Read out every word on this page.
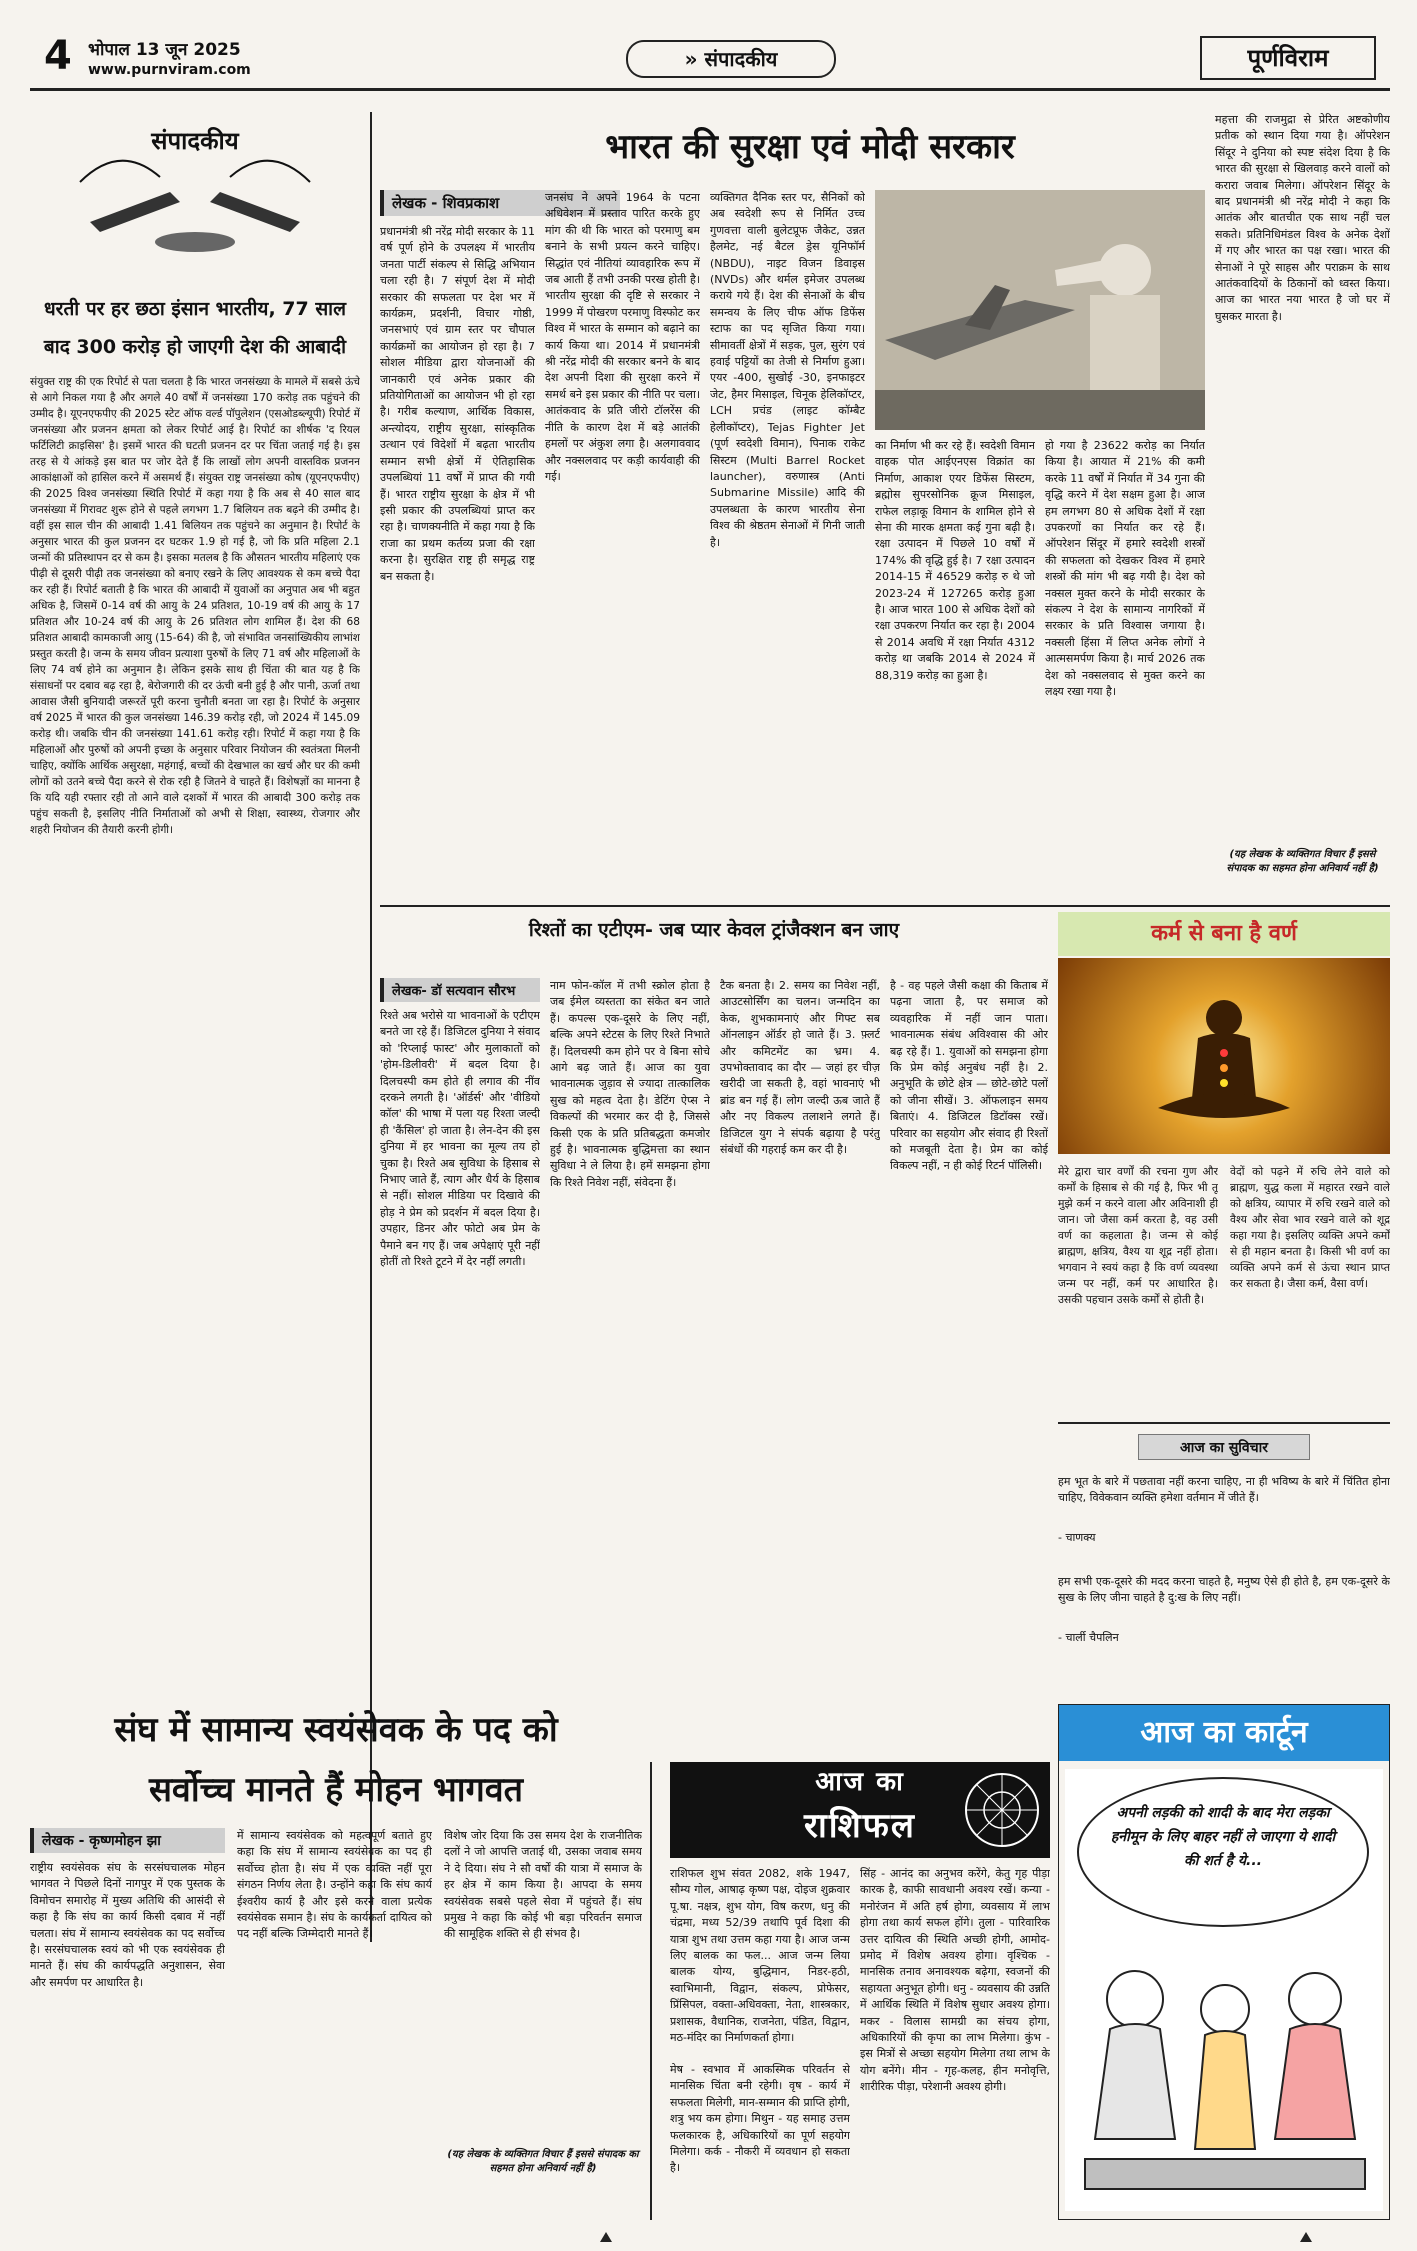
4 भोपाल 13 जून 2025
www.purnviram.com	» संपादकीय	पूर्णविराम
संपादकीय
धरती पर हर छठा इंसान भारतीय, 77 साल
बाद 300 करोड़ हो जाएगी देश की आबादी
संयुक्त राष्ट्र की एक रिपोर्ट से पता चलता है कि भारत जनसंख्या के मामले में सबसे ऊंचे से आगे निकल गया है और अगले 40 वर्षों में जनसंख्या 170 करोड़ तक पहुंचने की उम्मीद है। यूएनएफपीए की 2025 स्टेट ऑफ वर्ल्ड पॉपुलेशन (एसओडब्ल्यूपी) रिपोर्ट में जनसंख्या और प्रजनन क्षमता को लेकर रिपोर्ट आई है। रिपोर्ट का शीर्षक 'द रियल फर्टिलिटी क्राइसिस' है। इसमें भारत की घटती प्रजनन दर पर चिंता जताई गई है। इस तरह से ये आंकड़े इस बात पर जोर देते हैं कि लाखों लोग अपनी वास्तविक प्रजनन आकांक्षाओं को हासिल करने में असमर्थ हैं। संयुक्त राष्ट्र जनसंख्या कोष (यूएनएफपीए) की 2025 विश्व जनसंख्या स्थिति रिपोर्ट में कहा गया है कि अब से 40 साल बाद जनसंख्या में गिरावट शुरू होने से पहले लगभग 1.7 बिलियन तक बढ़ने की उम्मीद है। वहीं इस साल चीन की आबादी 1.41 बिलियन तक पहुंचने का अनुमान है। रिपोर्ट के अनुसार भारत की कुल प्रजनन दर घटकर 1.9 हो गई है, जो कि प्रति महिला 2.1 जन्मों की प्रतिस्थापन दर से कम है। इसका मतलब है कि औसतन भारतीय महिलाएं एक पीढ़ी से दूसरी पीढ़ी तक जनसंख्या को बनाए रखने के लिए आवश्यक से कम बच्चे पैदा कर रही हैं। रिपोर्ट बताती है कि भारत की आबादी में युवाओं का अनुपात अब भी बहुत अधिक है, जिसमें 0-14 वर्ष की आयु के 24 प्रतिशत, 10-19 वर्ष की आयु के 17 प्रतिशत और 10-24 वर्ष की आयु के 26 प्रतिशत लोग शामिल हैं। देश की 68 प्रतिशत आबादी कामकाजी आयु (15-64) की है, जो संभावित जनसांख्यिकीय लाभांश प्रस्तुत करती है। जन्म के समय जीवन प्रत्याशा पुरुषों के लिए 71 वर्ष और महिलाओं के लिए 74 वर्ष होने का अनुमान है। लेकिन इसके साथ ही चिंता की बात यह है कि संसाधनों पर दबाव बढ़ रहा है, बेरोजगारी की दर ऊंची बनी हुई है और पानी, ऊर्जा तथा आवास जैसी बुनियादी जरूरतें पूरी करना चुनौती बनता जा रहा है। रिपोर्ट के अनुसार वर्ष 2025 में भारत की कुल जनसंख्या 146.39 करोड़ रही, जो 2024 में 145.09 करोड़ थी। जबकि चीन की जनसंख्या 141.61 करोड़ रही। रिपोर्ट में कहा गया है कि महिलाओं और पुरुषों को अपनी इच्छा के अनुसार परिवार नियोजन की स्वतंत्रता मिलनी चाहिए, क्योंकि आर्थिक असुरक्षा, महंगाई, बच्चों की देखभाल का खर्च और घर की कमी लोगों को उतने बच्चे पैदा करने से रोक रही है जितने वे चाहते हैं। विशेषज्ञों का मानना है कि यदि यही रफ्तार रही तो आने वाले दशकों में भारत की आबादी 300 करोड़ तक पहुंच सकती है, इसलिए नीति निर्माताओं को अभी से शिक्षा, स्वास्थ्य, रोजगार और शहरी नियोजन की तैयारी करनी होगी।
भारत की सुरक्षा एवं मोदी सरकार
लेखक - शिवप्रकाश
प्रधानमंत्री श्री नरेंद्र मोदी सरकार के 11 वर्ष पूर्ण होने के उपलक्ष्य में भारतीय जनता पार्टी संकल्प से सिद्धि अभियान चला रही है। 7 संपूर्ण देश में मोदी सरकार की सफलता पर देश भर में कार्यक्रम, प्रदर्शनी, विचार गोष्ठी, जनसभाएं एवं ग्राम स्तर पर चौपाल कार्यक्रमों का आयोजन हो रहा है। 7 सोशल मीडिया द्वारा योजनाओं की जानकारी एवं अनेक प्रकार की प्रतियोगिताओं का आयोजन भी हो रहा है। गरीब कल्याण, आर्थिक विकास, अन्त्योदय, राष्ट्रीय सुरक्षा, सांस्कृतिक उत्थान एवं विदेशों में बढ़ता भारतीय सम्मान सभी क्षेत्रों में ऐतिहासिक उपलब्धियां 11 वर्षों में प्राप्त की गयी हैं। भारत राष्ट्रीय सुरक्षा के क्षेत्र में भी इसी प्रकार की उपलब्धियां प्राप्त कर रहा है। चाणक्यनीति में कहा गया है कि राजा का प्रथम कर्तव्य प्रजा की रक्षा करना है। सुरक्षित राष्ट्र ही समृद्ध राष्ट्र बन सकता है।
जनसंघ ने अपने 1964 के पटना अधिवेशन में प्रस्ताव पारित करके हुए मांग की थी कि भारत को परमाणु बम बनाने के सभी प्रयत्न करने चाहिए। सिद्धांत एवं नीतियां व्यावहारिक रूप में जब आती हैं तभी उनकी परख होती है। भारतीय सुरक्षा की दृष्टि से सरकार ने 1999 में पोखरण परमाणु विस्फोट कर विश्व में भारत के सम्मान को बढ़ाने का कार्य किया था। 2014 में प्रधानमंत्री श्री नरेंद्र मोदी की सरकार बनने के बाद देश अपनी दिशा की सुरक्षा करने में समर्थ बने इस प्रकार की नीति पर चला। आतंकवाद के प्रति जीरो टॉलरेंस की नीति के कारण देश में बड़े आतंकी हमलों पर अंकुश लगा है। अलगाववाद और नक्सलवाद पर कड़ी कार्यवाही की गई।
व्यक्तिगत दैनिक स्तर पर, सैनिकों को अब स्वदेशी रूप से निर्मित उच्च गुणवत्ता वाली बुलेटप्रूफ जैकेट, उन्नत हैलमेट, नई बैटल ड्रेस यूनिफॉर्म (NBDU), नाइट विजन डिवाइस (NVDs) और थर्मल इमेजर उपलब्ध कराये गये हैं। देश की सेनाओं के बीच समन्वय के लिए चीफ ऑफ डिफेंस स्टाफ का पद सृजित किया गया। सीमावर्ती क्षेत्रों में सड़क, पुल, सुरंग एवं हवाई पट्टियों का तेजी से निर्माण हुआ। एयर -400, सुखोई -30, इनफाइटर जेट, हैमर मिसाइल, चिनूक हेलिकॉप्टर, LCH प्रचंड (लाइट कॉम्बैट हेलीकॉप्टर), Tejas Fighter Jet (पूर्ण स्वदेशी विमान), पिनाक राकेट सिस्टम (Multi Barrel Rocket launcher), वरुणास्त्र (Anti Submarine Missile) आदि की उपलब्धता के कारण भारतीय सेना विश्व की श्रेष्ठतम सेनाओं में गिनी जाती है।
का निर्माण भी कर रहे हैं। स्वदेशी विमान वाहक पोत आईएनएस विक्रांत का निर्माण, आकाश एयर डिफेंस सिस्टम, ब्रह्मोस सुपरसोनिक क्रूज मिसाइल, राफेल लड़ाकू विमान के शामिल होने से सेना की मारक क्षमता कई गुना बढ़ी है। रक्षा उत्पादन में पिछले 10 वर्षों में 174% की वृद्धि हुई है। 7 रक्षा उत्पादन 2014-15 में 46529 करोड़ रु थे जो 2023-24 में 127265 करोड़ हुआ है। आज भारत 100 से अधिक देशों को रक्षा उपकरण निर्यात कर रहा है। 2004 से 2014 अवधि में रक्षा निर्यात 4312 करोड़ था जबकि 2014 से 2024 में 88,319 करोड़ का हुआ है।
हो गया है 23622 करोड़ का निर्यात किया है। आयात में 21% की कमी करके 11 वर्षों में निर्यात में 34 गुना की वृद्धि करने में देश सक्षम हुआ है। आज हम लगभग 80 से अधिक देशों में रक्षा उपकरणों का निर्यात कर रहे हैं। ऑपरेशन सिंदूर में हमारे स्वदेशी शस्त्रों की सफलता को देखकर विश्व में हमारे शस्त्रों की मांग भी बढ़ गयी है। देश को नक्सल मुक्त करने के मोदी सरकार के संकल्प ने देश के सामान्य नागरिकों में सरकार के प्रति विश्वास जगाया है। नक्सली हिंसा में लिप्त अनेक लोगों ने आत्मसमर्पण किया है। मार्च 2026 तक देश को नक्सलवाद से मुक्त करने का लक्ष्य रखा गया है।
महत्ता की राजमुद्रा से प्रेरित अष्टकोणीय प्रतीक को स्थान दिया गया है। ऑपरेशन सिंदूर ने दुनिया को स्पष्ट संदेश दिया है कि भारत की सुरक्षा से खिलवाड़ करने वालों को करारा जवाब मिलेगा। ऑपरेशन सिंदूर के बाद प्रधानमंत्री श्री नरेंद्र मोदी ने कहा कि आतंक और बातचीत एक साथ नहीं चल सकते। प्रतिनिधिमंडल विश्व के अनेक देशों में गए और भारत का पक्ष रखा। भारत की सेनाओं ने पूरे साहस और पराक्रम के साथ आतंकवादियों के ठिकानों को ध्वस्त किया। आज का भारत नया भारत है जो घर में घुसकर मारता है।
(यह लेखक के व्यक्तिगत विचार हैं इससे संपादक का सहमत होना अनिवार्य नहीं है)
रिश्तों का एटीएम- जब प्यार केवल ट्रांजैक्शन बन जाए
लेखक- डॉ सत्यवान सौरभ
रिश्ते अब भरोसे या भावनाओं के एटीएम बनते जा रहे हैं। डिजिटल दुनिया ने संवाद को 'रिप्लाई फास्ट' और मुलाकातों को 'होम-डिलीवरी' में बदल दिया है। दिलचस्पी कम होते ही लगाव की नींव दरकने लगती है। 'ऑर्डर्स' और 'वीडियो कॉल' की भाषा में पला यह रिश्ता जल्दी ही 'कैंसिल' हो जाता है। लेन-देन की इस दुनिया में हर भावना का मूल्य तय हो चुका है। रिश्ते अब सुविधा के हिसाब से निभाए जाते हैं, त्याग और धैर्य के हिसाब से नहीं। सोशल मीडिया पर दिखावे की होड़ ने प्रेम को प्रदर्शन में बदल दिया है। उपहार, डिनर और फोटो अब प्रेम के पैमाने बन गए हैं। जब अपेक्षाएं पूरी नहीं होतीं तो रिश्ते टूटने में देर नहीं लगती।
नाम फोन-कॉल में तभी स्क्रोल होता है जब ईमेल व्यस्तता का संकेत बन जाते हैं। कपल्स एक-दूसरे के लिए नहीं, बल्कि अपने स्टेटस के लिए रिश्ते निभाते हैं। दिलचस्पी कम होने पर वे बिना सोचे आगे बढ़ जाते हैं। आज का युवा भावनात्मक जुड़ाव से ज्यादा तात्कालिक सुख को महत्व देता है। डेटिंग ऐप्स ने विकल्पों की भरमार कर दी है, जिससे किसी एक के प्रति प्रतिबद्धता कमजोर हुई है। भावनात्मक बुद्धिमत्ता का स्थान सुविधा ने ले लिया है। हमें समझना होगा कि रिश्ते निवेश नहीं, संवेदना हैं।
टैक बनता है। 2. समय का निवेश नहीं, आउटसोर्सिंग का चलन। जन्मदिन का केक, शुभकामनाएं और गिफ्ट सब ऑनलाइन ऑर्डर हो जाते हैं। 3. फ़्लर्ट और कमिटमेंट का भ्रम। 4. उपभोक्तावाद का दौर — जहां हर चीज़ खरीदी जा सकती है, वहां भावनाएं भी ब्रांड बन गई हैं। लोग जल्दी ऊब जाते हैं और नए विकल्प तलाशने लगते हैं। डिजिटल युग ने संपर्क बढ़ाया है परंतु संबंधों की गहराई कम कर दी है।
है - वह पहले जैसी कक्षा की किताब में पढ़ना जाता है, पर समाज को व्यवहारिक में नहीं जान पाता। भावनात्मक संबंध अविश्वास की ओर बढ़ रहे हैं। 1. युवाओं को समझना होगा कि प्रेम कोई अनुबंध नहीं है। 2. अनुभूति के छोटे क्षेत्र — छोटे-छोटे पलों को जीना सीखें। 3. ऑफलाइन समय बिताएं। 4. डिजिटल डिटॉक्स रखें। परिवार का सहयोग और संवाद ही रिश्तों को मजबूती देता है। प्रेम का कोई विकल्प नहीं, न ही कोई रिटर्न पॉलिसी।
कर्म से बना है वर्ण
मेरे द्वारा चार वर्णों की रचना गुण और कर्मों के हिसाब से की गई है, फिर भी तू मुझे कर्म न करने वाला और अविनाशी ही जान। जो जैसा कर्म करता है, वह उसी वर्ण का कहलाता है। जन्म से कोई ब्राह्मण, क्षत्रिय, वैश्य या शूद्र नहीं होता। भगवान ने स्वयं कहा है कि वर्ण व्यवस्था जन्म पर नहीं, कर्म पर आधारित है। उसकी पहचान उसके कर्मों से होती है।
वेदों को पढ़ने में रुचि लेने वाले को ब्राह्मण, युद्ध कला में महारत रखने वाले को क्षत्रिय, व्यापार में रुचि रखने वाले को वैश्य और सेवा भाव रखने वाले को शूद्र कहा गया है। इसलिए व्यक्ति अपने कर्मों से ही महान बनता है। किसी भी वर्ण का व्यक्ति अपने कर्म से ऊंचा स्थान प्राप्त कर सकता है। जैसा कर्म, वैसा वर्ण।
आज का सुविचार
हम भूत के बारे में पछतावा नहीं करना चाहिए, ना ही भविष्य के बारे में चिंतित होना चाहिए, विवेकवान व्यक्ति हमेशा वर्तमान में जीते हैं।
- चाणक्य
हम सभी एक-दूसरे की मदद करना चाहते है, मनुष्य ऐसे ही होते है, हम एक-दूसरे के सुख के लिए जीना चाहते है दु:ख के लिए नहीं।
- चार्ली चैपलिन
संघ में सामान्य स्वयंसेवक के पद को
सर्वोच्च मानते हैं मोहन भागवत
लेखक - कृष्णमोहन झा
राष्ट्रीय स्वयंसेवक संघ के सरसंघचालक मोहन भागवत ने पिछले दिनों नागपुर में एक पुस्तक के विमोचन समारोह में मुख्य अतिथि की आसंदी से कहा है कि संघ का कार्य किसी दबाव में नहीं चलता। संघ में सामान्य स्वयंसेवक का पद सर्वोच्च है। सरसंघचालक स्वयं को भी एक स्वयंसेवक ही मानते हैं। संघ की कार्यपद्धति अनुशासन, सेवा और समर्पण पर आधारित है।
में सामान्य स्वयंसेवक को महत्वपूर्ण बताते हुए कहा कि संघ में सामान्य स्वयंसेवक का पद ही सर्वोच्च होता है। संघ में एक व्यक्ति नहीं पूरा संगठन निर्णय लेता है। उन्होंने कहा कि संघ कार्य ईश्वरीय कार्य है और इसे करने वाला प्रत्येक स्वयंसेवक समान है। संघ के कार्यकर्ता दायित्व को पद नहीं बल्कि जिम्मेदारी मानते हैं।
विशेष जोर दिया कि उस समय देश के राजनीतिक दलों ने जो आपत्ति जताई थी, उसका जवाब समय ने दे दिया। संघ ने सौ वर्षों की यात्रा में समाज के हर क्षेत्र में काम किया है। आपदा के समय स्वयंसेवक सबसे पहले सेवा में पहुंचते हैं। संघ प्रमुख ने कहा कि कोई भी बड़ा परिवर्तन समाज की सामूहिक शक्ति से ही संभव है।
(यह लेखक के व्यक्तिगत विचार हैं इससे संपादक का सहमत होना अनिवार्य नहीं है)
आज का
राशिफल
राशिफल शुभ संवत 2082, शके 1947, सौम्य गोल, आषाढ़ कृष्ण पक्ष, दोइज शुक्रवार पू.षा. नक्षत्र, शुभ योग, विष करण, धनु की चंद्रमा, मध्य 52/39 तथापि पूर्व दिशा की यात्रा शुभ तथा उत्तम कहा गया है। आज जन्म लिए बालक का फल... आज जन्म लिया बालक योग्य, बुद्धिमान, निडर-हठी, स्वाभिमानी, विद्वान, संकल्प, प्रोफेसर, प्रिंसिपल, वक्ता-अधिवक्ता, नेता, शास्त्रकार, प्रशासक, वैधानिक, राजनेता, पंडित, विद्वान, मठ-मंदिर का निर्माणकर्ता होगा।
मेष - स्वभाव में आकस्मिक परिवर्तन से मानसिक चिंता बनी रहेगी। वृष - कार्य में सफलता मिलेगी, मान-सम्मान की प्राप्ति होगी, शत्रु भय कम होगा। मिथुन - यह समाह उत्तम फलकारक है, अधिकारियों का पूर्ण सहयोग मिलेगा। कर्क - नौकरी में व्यवधान हो सकता है।
सिंह - आनंद का अनुभव करेंगे, केतु गृह पीड़ा कारक है, काफी सावधानी अवश्य रखें। कन्या - मनोरंजन में अति हर्ष होगा, व्यवसाय में लाभ होगा तथा कार्य सफल होंगे। तुला - पारिवारिक उत्तर दायित्व की स्थिति अच्छी होगी, आमोद-प्रमोद में विशेष अवश्य होगा। वृश्चिक - मानसिक तनाव अनावश्यक बढ़ेगा, स्वजनों की सहायता अनुभूत होगी। धनु - व्यवसाय की उन्नति में आर्थिक स्थिति में विशेष सुधार अवश्य होगा। मकर - विलास सामग्री का संचय होगा, अधिकारियों की कृपा का लाभ मिलेगा। कुंभ - इस मित्रों से अच्छा सहयोग मिलेगा तथा लाभ के योग बनेंगे। मीन - गृह-कलह, हीन मनोवृत्ति, शारीरिक पीड़ा, परेशानी अवश्य होगी।
आज का कार्टून
अपनी लड़की को शादी के बाद मेरा लड़का हनीमून के लिए बाहर नहीं ले जाएगा ये शादी की शर्त है ये...
